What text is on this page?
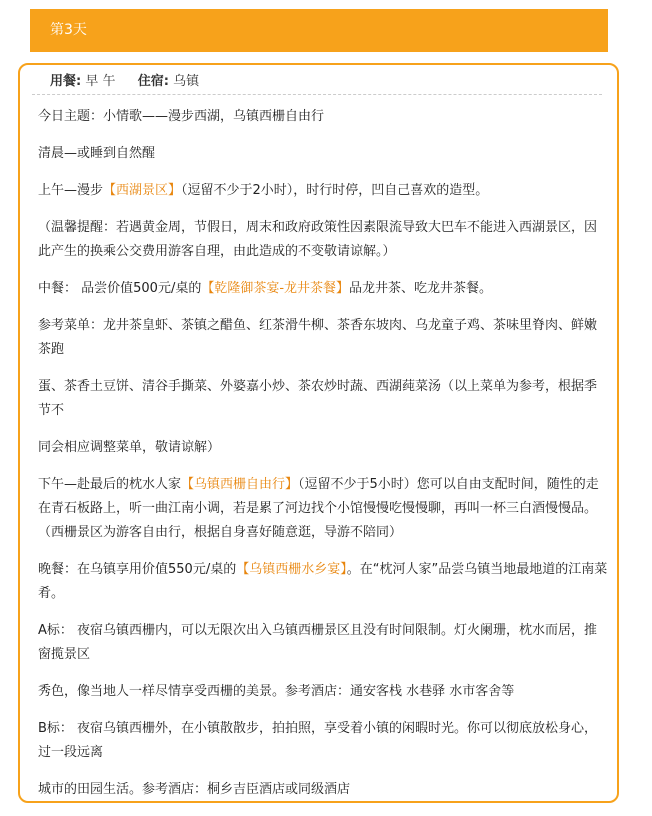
第3天
用餐: 早 午 住宿: 乌镇

今日主题：小情歌——漫步西湖，乌镇西栅自由行

清晨—或睡到自然醒

上午—漫步【西湖景区】（逗留不少于2小时），时行时停，凹自己喜欢的造型。

（温馨提醒：若遇黄金周，节假日，周末和政府政策性因素限流导致大巴车不能进入西湖景区，因此产生的换乘公交费用游客自理，由此造成的不变敬请谅解。）

中餐： 品尝价值500元/桌的【乾隆御茶宴-龙井茶餐】品龙井茶、吃龙井茶餐。

参考菜单：龙井茶皇虾、茶镇之醋鱼、红茶滑牛柳、茶香东坡肉、乌龙童子鸡、茶味里脊肉、鲜嫩茶跑

蛋、茶香土豆饼、清谷手撕菜、外婆嘉小炒、茶农炒时蔬、西湖莼菜汤（以上菜单为参考，根据季节不

同会相应调整菜单，敬请谅解）

下午—赴最后的枕水人家【乌镇西栅自由行】（逗留不少于5小时）您可以自由支配时间，随性的走在青石板路上，听一曲江南小调，若是累了河边找个小馆慢慢吃慢慢聊，再叫一杯三白酒慢慢品。（西栅景区为游客自由行，根据自身喜好随意逛，导游不陪同）

晚餐：在乌镇享用价值550元/桌的【乌镇西栅水乡宴】。在“枕河人家”品尝乌镇当地最地道的江南菜肴。

A标： 夜宿乌镇西栅内，可以无限次出入乌镇西栅景区且没有时间限制。灯火阑珊，枕水而居，推窗揽景区

秀色，像当地人一样尽情享受西栅的美景。参考酒店：通安客栈 水巷驿 水市客舍等

B标： 夜宿乌镇西栅外，在小镇散散步，拍拍照，享受着小镇的闲暇时光。你可以彻底放松身心，过一段远离

城市的田园生活。参考酒店：桐乡吉臣酒店或同级酒店
